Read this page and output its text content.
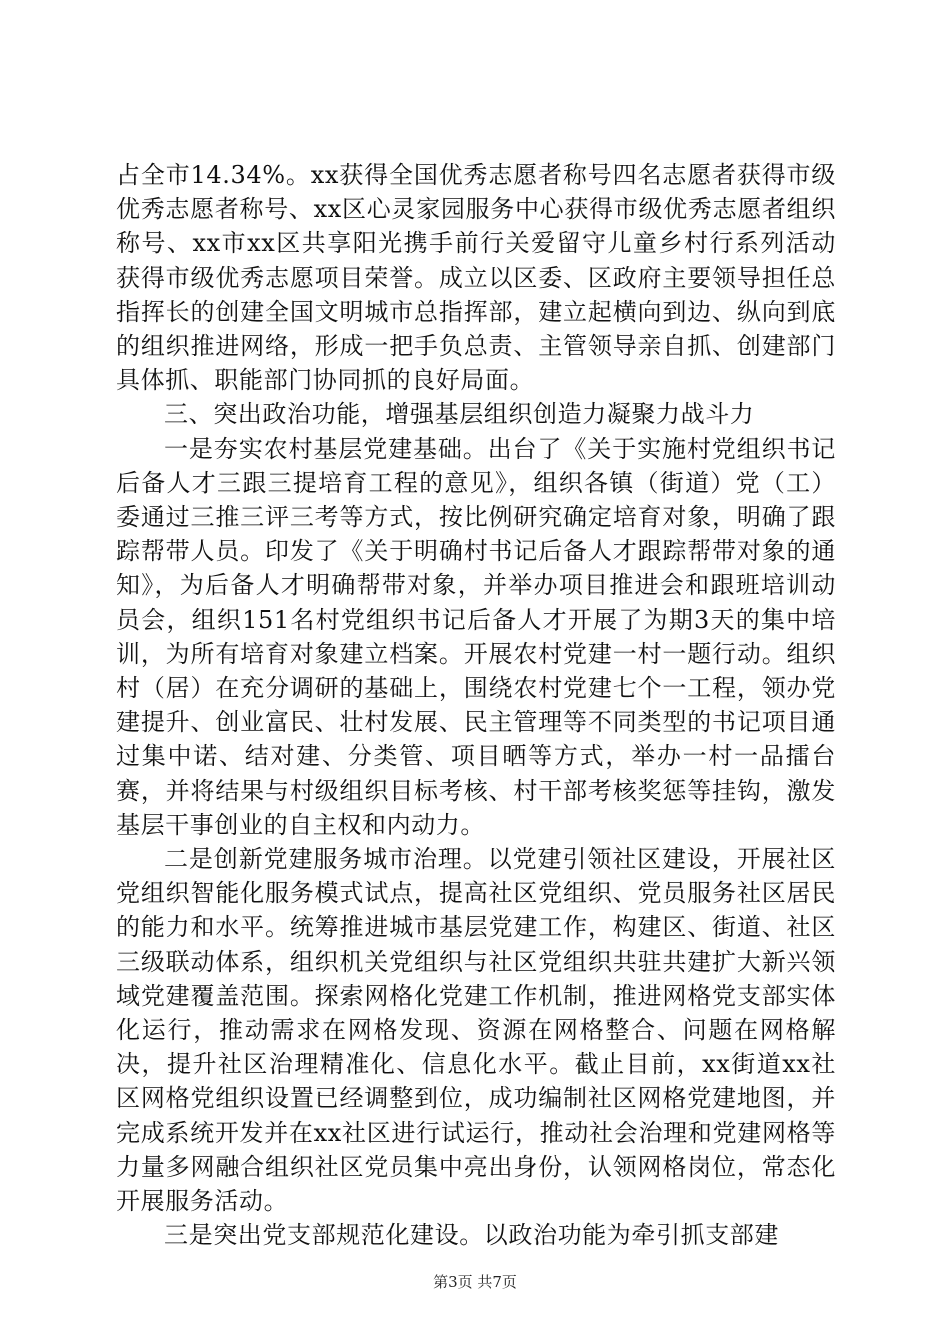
占全市14.34%。xx获得全国优秀志愿者称号四名志愿者获得市级优秀志愿者称号、xx区心灵家园服务中心获得市级优秀志愿者组织称号、xx市xx区共享阳光携手前行关爱留守儿童乡村行系列活动获得市级优秀志愿项目荣誉。成立以区委、区政府主要领导担任总指挥长的创建全国文明城市总指挥部，建立起横向到边、纵向到底的组织推进网络，形成一把手负总责、主管领导亲自抓、创建部门具体抓、职能部门协同抓的良好局面。

三、突出政治功能，增强基层组织创造力凝聚力战斗力

一是夯实农村基层党建基础。出台了《关于实施村党组织书记后备人才三跟三提培育工程的意见》，组织各镇（街道）党（工）委通过三推三评三考等方式，按比例研究确定培育对象，明确了跟踪帮带人员。印发了《关于明确村书记后备人才跟踪帮带对象的通知》，为后备人才明确帮带对象，并举办项目推进会和跟班培训动员会，组织151名村党组织书记后备人才开展了为期3天的集中培训，为所有培育对象建立档案。开展农村党建一村一题行动。组织村（居）在充分调研的基础上，围绕农村党建七个一工程，领办党建提升、创业富民、壮村发展、民主管理等不同类型的书记项目通过集中诺、结对建、分类管、项目晒等方式，举办一村一品擂台赛，并将结果与村级组织目标考核、村干部考核奖惩等挂钩，激发基层干事创业的自主权和内动力。

二是创新党建服务城市治理。以党建引领社区建设，开展社区党组织智能化服务模式试点，提高社区党组织、党员服务社区居民的能力和水平。统筹推进城市基层党建工作，构建区、街道、社区三级联动体系，组织机关党组织与社区党组织共驻共建扩大新兴领域党建覆盖范围。探索网格化党建工作机制，推进网格党支部实体化运行，推动需求在网格发现、资源在网格整合、问题在网格解决，提升社区治理精准化、信息化水平。截止目前，xx街道xx社区网格党组织设置已经调整到位，成功编制社区网格党建地图，并完成系统开发并在xx社区进行试运行，推动社会治理和党建网格等力量多网融合组织社区党员集中亮出身份，认领网格岗位，常态化开展服务活动。

三是突出党支部规范化建设。以政治功能为牵引抓支部建

第3页 共7页
